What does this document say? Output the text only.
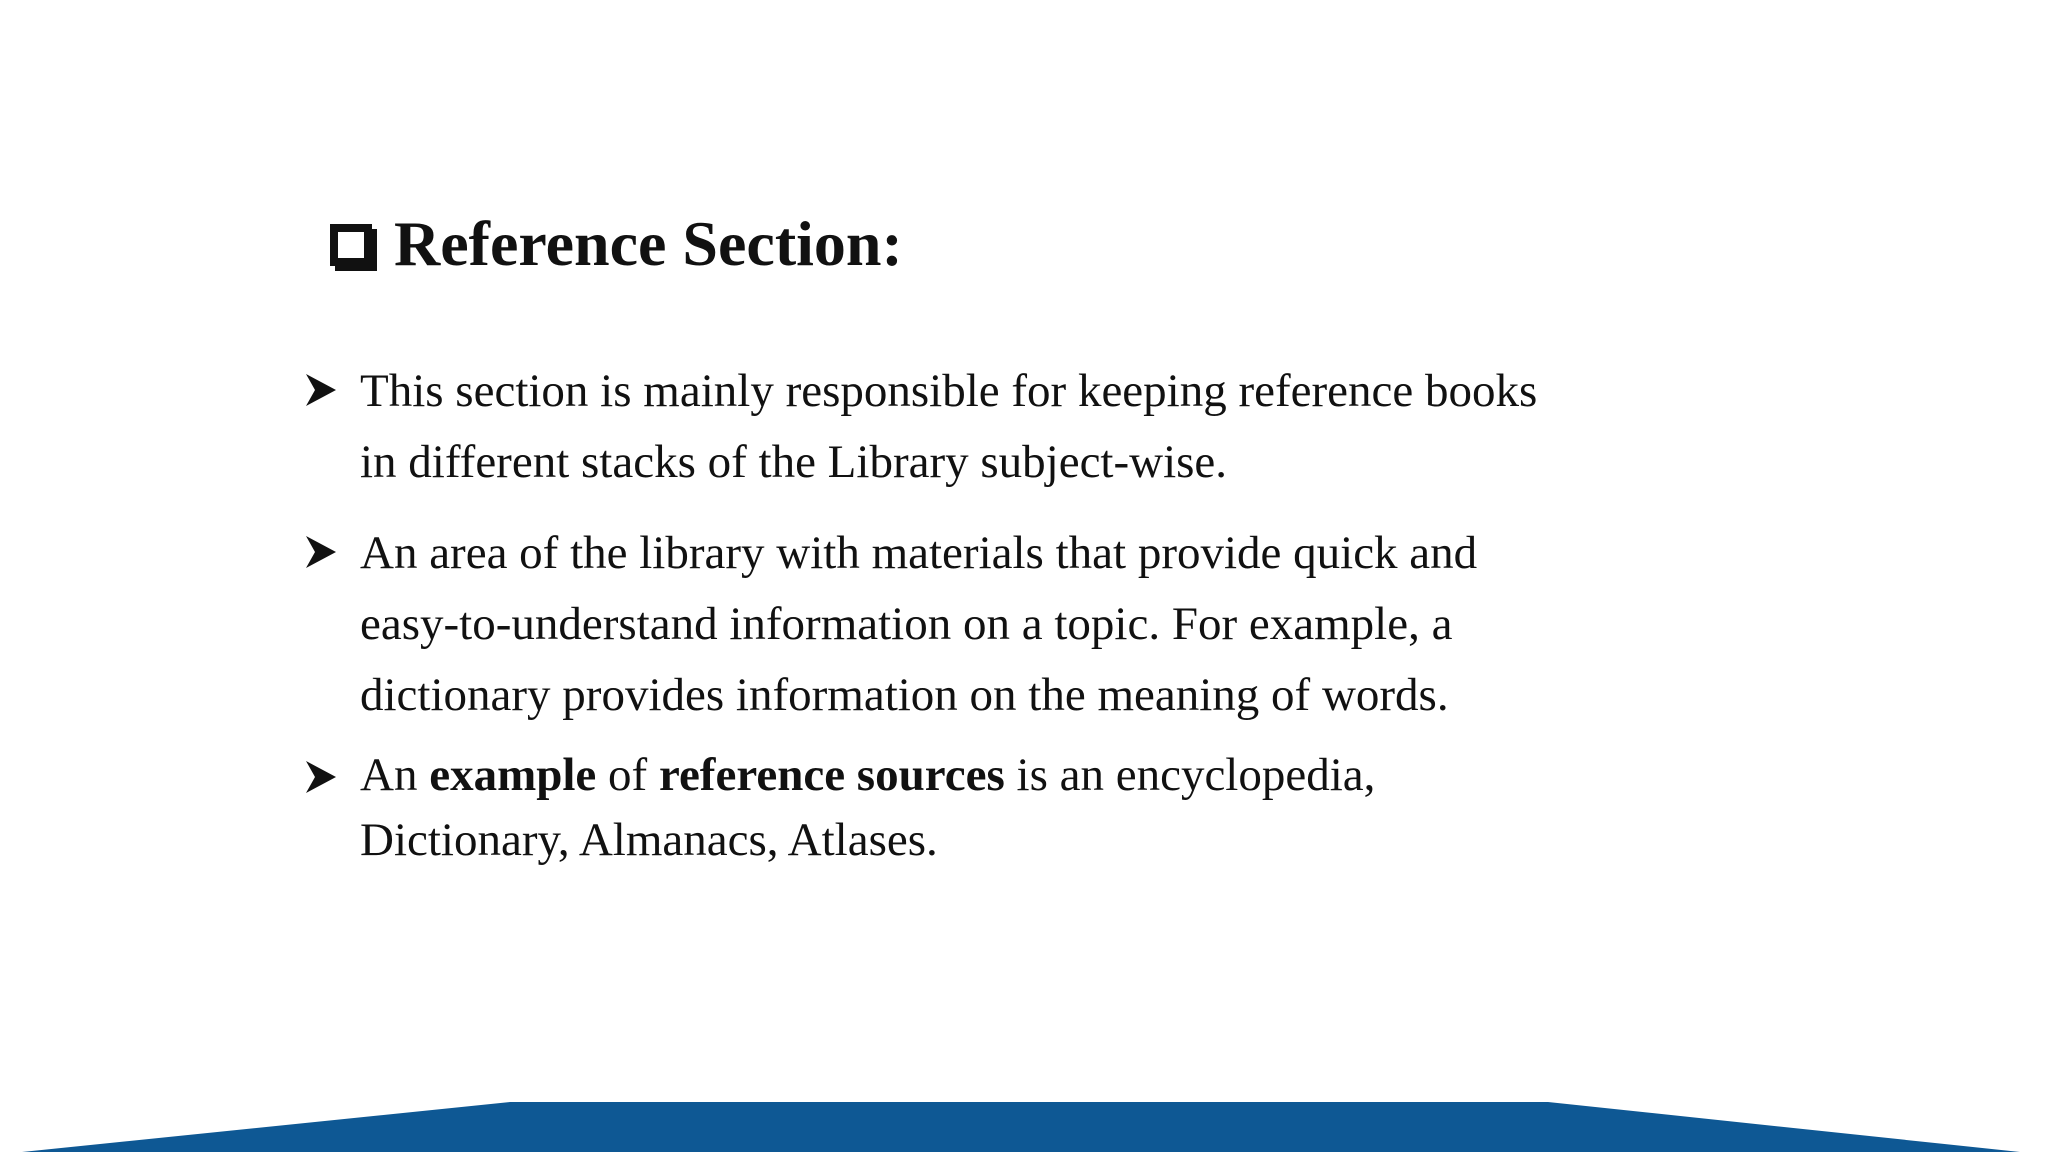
Reference Section:
This section is mainly responsible for keeping reference books in different stacks of the Library subject-wise.
An area of the library with materials that provide quick and easy-to-understand information on a topic. For example, a dictionary provides information on the meaning of words.
An example of reference sources is an encyclopedia, Dictionary, Almanacs, Atlases.
